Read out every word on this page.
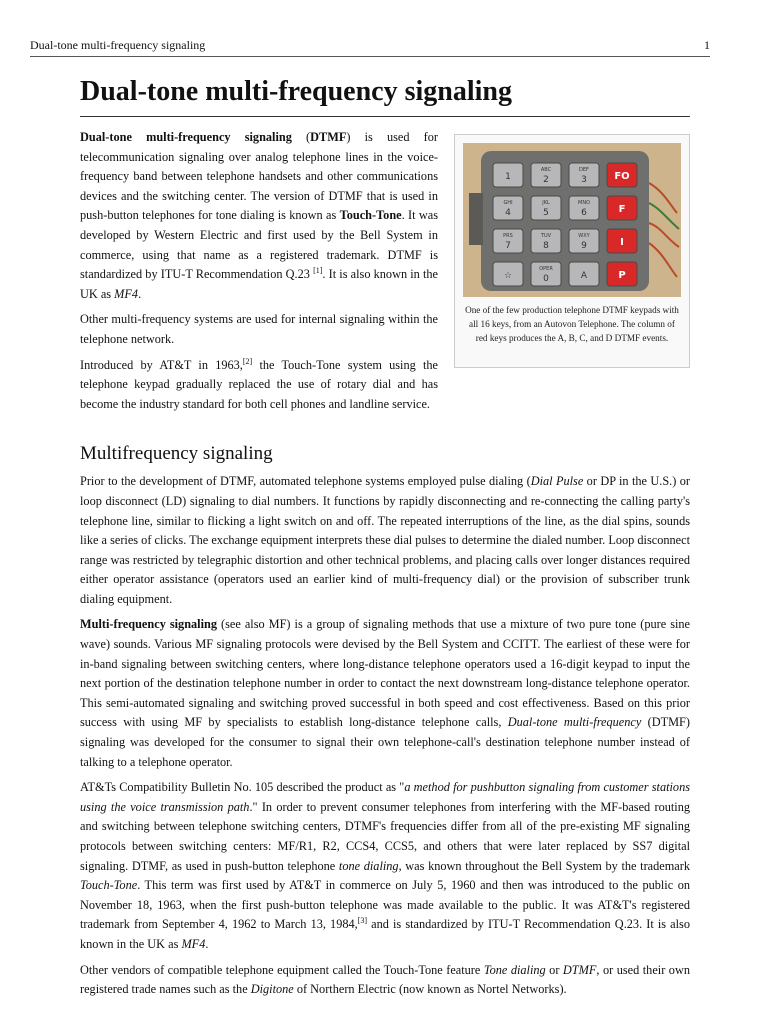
Dual-tone multi-frequency signaling	1
Dual-tone multi-frequency signaling

Dual-tone multi-frequency signaling (DTMF) is used for telecommunication signaling over analog telephone lines in the voice-frequency band between telephone handsets and other communications devices and the switching center. The version of DTMF that is used in push-button telephones for tone dialing is known as Touch-Tone. It was developed by Western Electric and first used by the Bell System in commerce, using that name as a registered trademark. DTMF is standardized by ITU-T Recommendation Q.23 [1]. It is also known in the UK as MF4.

Other multi-frequency systems are used for internal signaling within the telephone network.

Introduced by AT&T in 1963,[2] the Touch-Tone system using the telephone keypad gradually replaced the use of rotary dial and has become the industry standard for both cell phones and landline service.

1
ABC
2
DEF
3	FO
GHI
4
JKL
5
MNO
6	F
PRS
7
TUV
8
WXY
9	I
☆
OPER
0	A	P
One of the few production telephone DTMF keypads with all 16 keys, from an Autovon Telephone. The column of red keys produces the A, B, C, and D DTMF events.
Multifrequency signaling

Prior to the development of DTMF, automated telephone systems employed pulse dialing (Dial Pulse or DP in the U.S.) or loop disconnect (LD) signaling to dial numbers. It functions by rapidly disconnecting and re-connecting the calling party's telephone line, similar to flicking a light switch on and off. The repeated interruptions of the line, as the dial spins, sounds like a series of clicks. The exchange equipment interprets these dial pulses to determine the dialed number. Loop disconnect range was restricted by telegraphic distortion and other technical problems, and placing calls over longer distances required either operator assistance (operators used an earlier kind of multi-frequency dial) or the provision of subscriber trunk dialing equipment.

Multi-frequency signaling (see also MF) is a group of signaling methods that use a mixture of two pure tone (pure sine wave) sounds. Various MF signaling protocols were devised by the Bell System and CCITT. The earliest of these were for in-band signaling between switching centers, where long-distance telephone operators used a 16-digit keypad to input the next portion of the destination telephone number in order to contact the next downstream long-distance telephone operator. This semi-automated signaling and switching proved successful in both speed and cost effectiveness. Based on this prior success with using MF by specialists to establish long-distance telephone calls, Dual-tone multi-frequency (DTMF) signaling was developed for the consumer to signal their own telephone-call's destination telephone number instead of talking to a telephone operator.

AT&Ts Compatibility Bulletin No. 105 described the product as "a method for pushbutton signaling from customer stations using the voice transmission path." In order to prevent consumer telephones from interfering with the MF-based routing and switching between telephone switching centers, DTMF's frequencies differ from all of the pre-existing MF signaling protocols between switching centers: MF/R1, R2, CCS4, CCS5, and others that were later replaced by SS7 digital signaling. DTMF, as used in push-button telephone tone dialing, was known throughout the Bell System by the trademark Touch-Tone. This term was first used by AT&T in commerce on July 5, 1960 and then was introduced to the public on November 18, 1963, when the first push-button telephone was made available to the public. It was AT&T's registered trademark from September 4, 1962 to March 13, 1984,[3] and is standardized by ITU-T Recommendation Q.23. It is also known in the UK as MF4.

Other vendors of compatible telephone equipment called the Touch-Tone feature Tone dialing or DTMF, or used their own registered trade names such as the Digitone of Northern Electric (now known as Nortel Networks).
